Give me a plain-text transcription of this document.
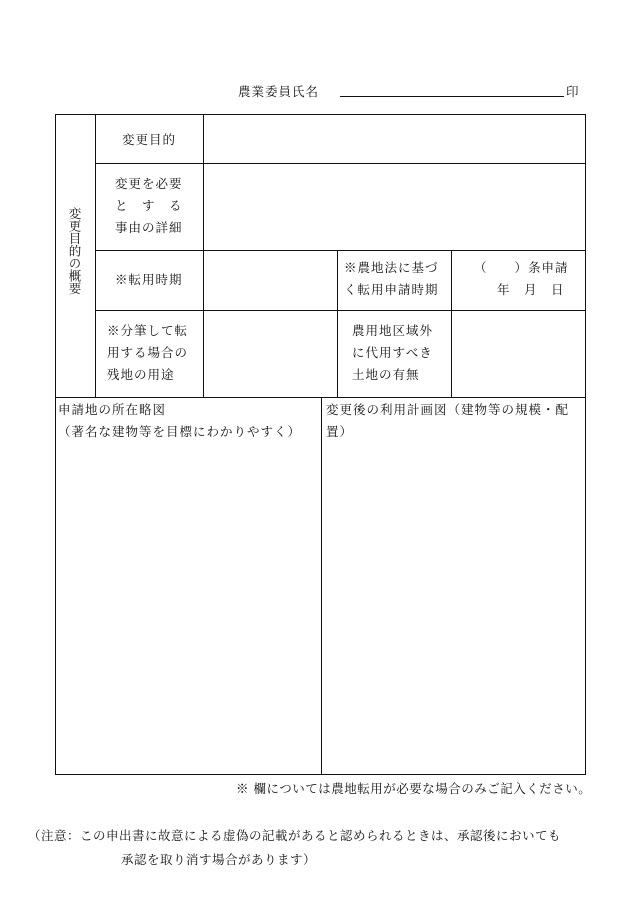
農業委員氏名	印
変更目的の概要
変更目的
変更を必要
と　す　る
事由の詳細
※転用時期
※農地法に基づ
く転用申請時期
（　　）条申請
年　月　日
※分筆して転
用する場合の
残地の用途
農用地区域外
に代用すべき
土地の有無
申請地の所在略図
（著名な建物等を目標にわかりやすく）
変更後の利用計画図（建物等の規模・配
置）
※ 欄については農地転用が必要な場合のみご記入ください。
（注意：この申出書に故意による虚偽の記載があると認められるときは、承認後においても
承認を取り消す場合があります）
